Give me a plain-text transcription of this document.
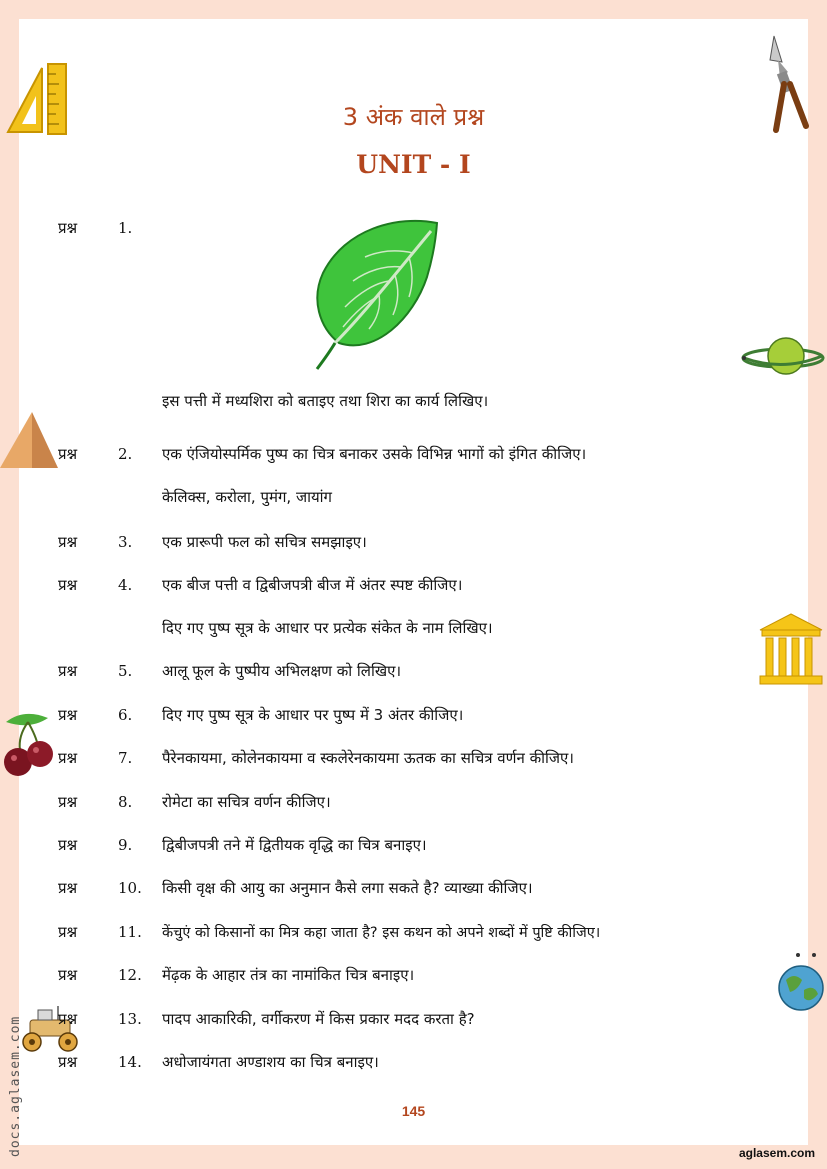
3 अंक वाले प्रश्न
UNIT - I
प्रश्न	1.
इस पत्ती में मध्यशिरा को बताइए तथा शिरा का कार्य लिखिए।
प्रश्न	2. एक एंजियोस्पर्मिक पुष्प का चित्र बनाकर उसके विभिन्न भागों को इंगित कीजिए।
केलिक्स, करोला, पुमंग, जायांग
प्रश्न	3. एक प्रारूपी फल को सचित्र समझाइए।
प्रश्न	4. एक बीज पत्ती व द्विबीजपत्री बीज में अंतर स्पष्ट कीजिए।
दिए गए पुष्प सूत्र के आधार पर प्रत्येक संकेत के नाम लिखिए।
प्रश्न	5. आलू फूल के पुष्पीय अभिलक्षण को लिखिए।
प्रश्न	6. दिए गए पुष्प सूत्र के आधार पर पुष्प में 3 अंतर कीजिए।
प्रश्न	7. पैरेनकायमा, कोलेनकायमा व स्कलेरेनकायमा ऊतक का सचित्र वर्णन कीजिए।
प्रश्न	8. रोमेटा का सचित्र वर्णन कीजिए।
प्रश्न	9. द्विबीजपत्री तने में द्वितीयक वृद्धि का चित्र बनाइए।
प्रश्न	10. किसी वृक्ष की आयु का अनुमान कैसे लगा सकते है? व्याख्या कीजिए।
प्रश्न	11. केंचुएं को किसानों का मित्र कहा जाता है? इस कथन को अपने शब्दों में पुष्टि कीजिए।
प्रश्न	12. मेंढ़क के आहार तंत्र का नामांकित चित्र बनाइए।
प्रश्न	13. पादप आकारिकी, वर्गीकरण में किस प्रकार मदद करता है?
प्रश्न	14. अधोजायंगता अण्डाशय का चित्र बनाइए।
145
aglasem.com
docs.aglasem.com
